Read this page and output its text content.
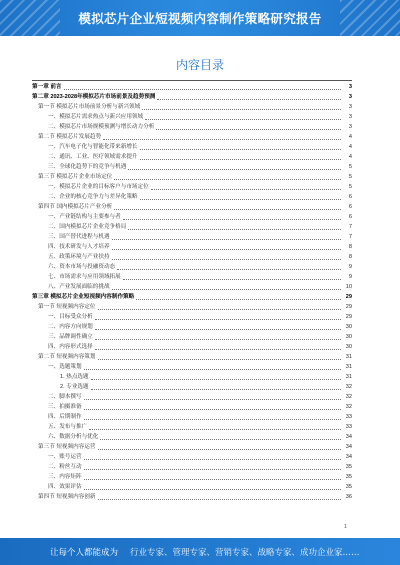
模拟芯片企业短视频内容制作策略研究报告
内容目录
第一章 前言	3
第二章 2023-2028年模拟芯片市场前景及趋势预测	3
第一节 模拟芯片市场前景分析与新兴领域	3
一、模拟芯片需求热点与新兴应用领域	3
二、模拟芯片市场规模预测与增长动力分析	3
第二节 模拟芯片发展趋势	4
一、汽车电子化与智能化带来新增长	4
二、通讯、工业、医疗领域需求提升	4
三、全球化趋势下的竞争与机遇	5
第三节 模拟芯片企业市场定位	5
一、模拟芯片企业的目标客户与市场定位	5
二、企业的核心竞争力与差异化策略	6
第四节 国内模拟芯片产业分析	6
一、产业链结构与主要参与者	6
二、国内模拟芯片企业竞争格局	7
三、国产替代进程与机遇	7
四、技术研发与人才培养	8
五、政策环境与产业扶持	8
六、资本市场与投融资动态	9
七、市场需求与应用领域拓展	9
八、产业发展面临的挑战	10
第三章 模拟芯片企业短视频内容制作策略	29
第一节 短视频内容定位	29
一、目标受众分析	29
二、内容方向规划	30
三、品牌调性确立	30
四、内容形式选择	30
第二节 短视频内容策划	31
一、选题策划	31
1. 热点选题	31
2. 专业选题	32
二、脚本撰写	32
三、拍摄准备	32
四、后期制作	33
五、发布与推广	33
六、数据分析与优化	34
第三节 短视频内容运营	34
一、账号运营	34
二、粉丝互动	35
三、内容矩阵	35
四、效果评估	35
第四节 短视频内容创新	36
1
让每个人都能成为 行业专家、管理专家、营销专家、战略专家、成功企业家……
